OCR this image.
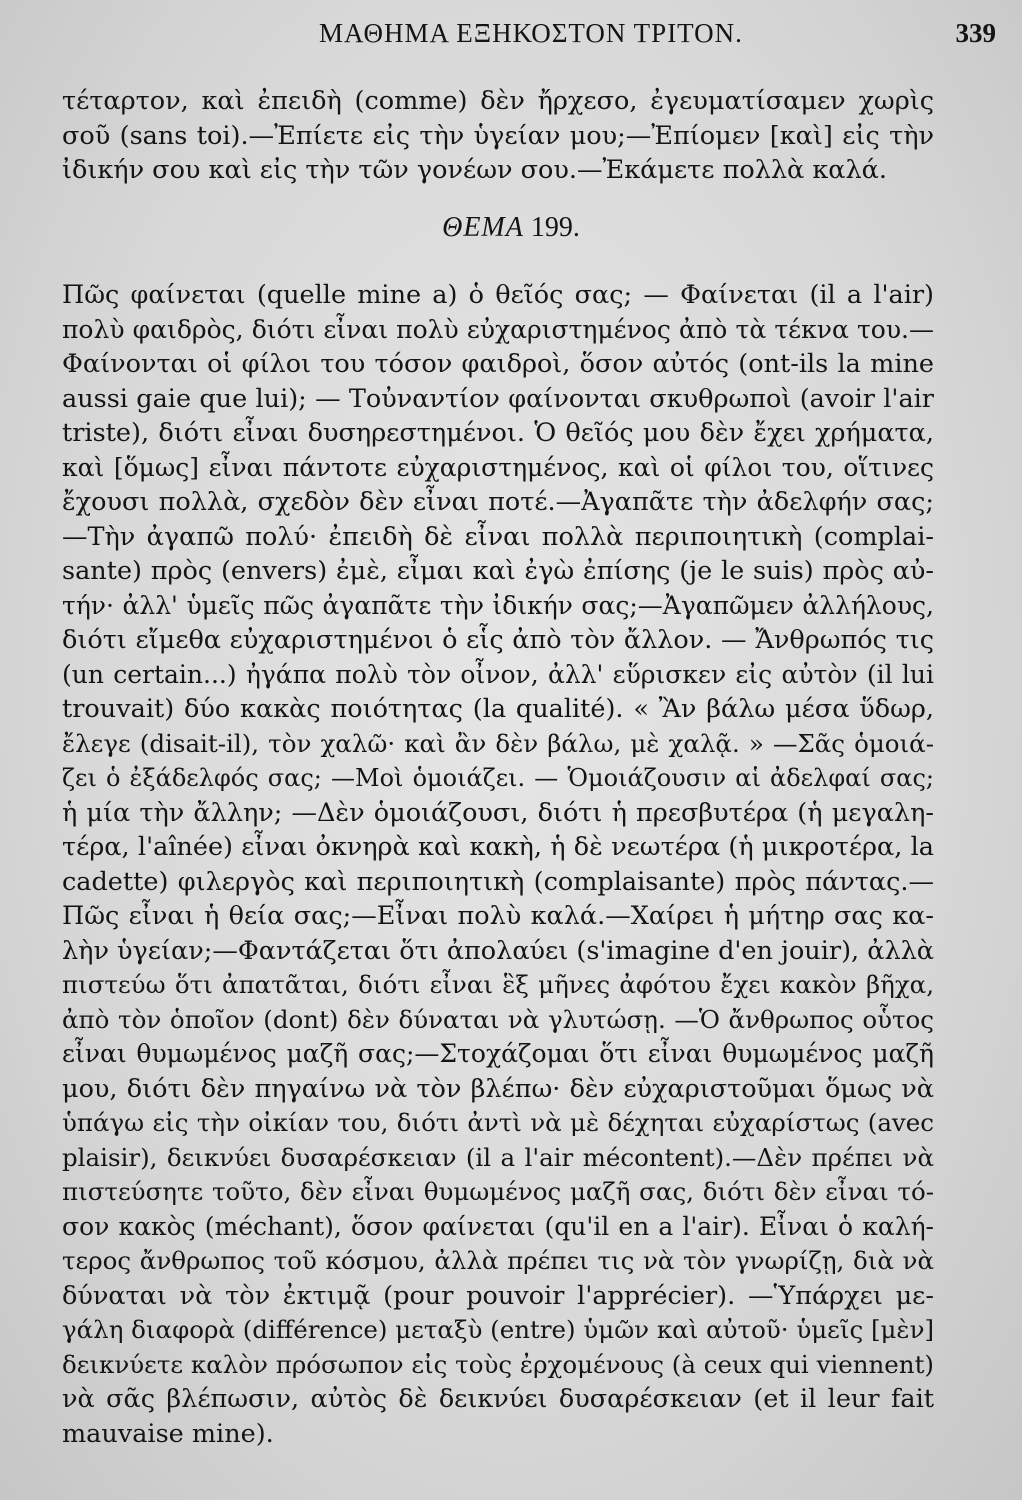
ΜΑΘΗΜΑ ΕΞΗΚΟΣΤΟΝ ΤΡΙΤΟΝ.	339
τέταρτον, καὶ ἐπειδὴ (comme) δὲν ἤρχεσο, ἐγευματίσαμεν χωρὶς
σοῦ (sans toi).—Ἐπίετε εἰς τὴν ὑγείαν μου;—Ἐπίομεν [καὶ] εἰς τὴν
ἰδικήν σου καὶ εἰς τὴν τῶν γονέων σου.—Ἐκάμετε πολλὰ καλά.
ΘΕΜΑ 199.
Πῶς φαίνεται (quelle mine a) ὁ θεῖός σας; — Φαίνεται (il a l'air)
πολὺ φαιδρὸς, διότι εἶναι πολὺ εὐχαριστημένος ἀπὸ τὰ τέκνα του.—
Φαίνονται οἱ φίλοι του τόσον φαιδροὶ, ὅσον αὐτός (ont-ils la mine
aussi gaie que lui); — Τοὐναντίον φαίνονται σκυθρωποὶ (avoir l'air
triste), διότι εἶναι δυσηρεστημένοι. Ὁ θεῖός μου δὲν ἔχει χρήματα,
καὶ [ὅμως] εἶναι πάντοτε εὐχαριστημένος, καὶ οἱ φίλοι του, οἵτινες
ἔχουσι πολλὰ, σχεδὸν δὲν εἶναι ποτέ.—Ἀγαπᾶτε τὴν ἀδελφήν σας;
—Τὴν ἀγαπῶ πολύ· ἐπειδὴ δὲ εἶναι πολλὰ περιποιητικὴ (complai-
sante) πρὸς (envers) ἐμὲ, εἶμαι καὶ ἐγὼ ἐπίσης (je le suis) πρὸς αὐ-
τήν· ἀλλ' ὑμεῖς πῶς ἀγαπᾶτε τὴν ἰδικήν σας;—Ἀγαπῶμεν ἀλλήλους,
διότι εἴμεθα εὐχαριστημένοι ὁ εἷς ἀπὸ τὸν ἄλλον. — Ἄνθρωπός τις
(un certain...) ἠγάπα πολὺ τὸν οἶνον, ἀλλ' εὕρισκεν εἰς αὐτὸν (il lui
trouvait) δύο κακὰς ποιότητας (la qualité). « Ἂν βάλω μέσα ὕδωρ,
ἔλεγε (disait-il), τὸν χαλῶ· καὶ ἂν δὲν βάλω, μὲ χαλᾷ. » —Σᾶς ὁμοιά-
ζει ὁ ἐξάδελφός σας; —Μοὶ ὁμοιάζει. — Ὁμοιάζουσιν αἱ ἀδελφαί σας;
ἡ μία τὴν ἄλλην; —Δὲν ὁμοιάζουσι, διότι ἡ πρεσβυτέρα (ἡ μεγαλη-
τέρα, l'aînée) εἶναι ὀκνηρὰ καὶ κακὴ, ἡ δὲ νεωτέρα (ἡ μικροτέρα, la
cadette) φιλεργὸς καὶ περιποιητικὴ (complaisante) πρὸς πάντας.—
Πῶς εἶναι ἡ θεία σας;—Εἶναι πολὺ καλά.—Χαίρει ἡ μήτηρ σας κα-
λὴν ὑγείαν;—Φαντάζεται ὅτι ἀπολαύει (s'imagine d'en jouir), ἀλλὰ
πιστεύω ὅτι ἀπατᾶται, διότι εἶναι ἓξ μῆνες ἀφότου ἔχει κακὸν βῆχα,
ἀπὸ τὸν ὁποῖον (dont) δὲν δύναται νὰ γλυτώσῃ. —Ὁ ἄνθρωπος οὗτος
εἶναι θυμωμένος μαζῆ σας;—Στοχάζομαι ὅτι εἶναι θυμωμένος μαζῆ
μου, διότι δὲν πηγαίνω νὰ τὸν βλέπω· δὲν εὐχαριστοῦμαι ὅμως νὰ
ὑπάγω εἰς τὴν οἰκίαν του, διότι ἀντὶ νὰ μὲ δέχηται εὐχαρίστως (avec
plaisir), δεικνύει δυσαρέσκειαν (il a l'air mécontent).—Δὲν πρέπει νὰ
πιστεύσητε τοῦτο, δὲν εἶναι θυμωμένος μαζῆ σας, διότι δὲν εἶναι τό-
σον κακὸς (méchant), ὅσον φαίνεται (qu'il en a l'air). Εἶναι ὁ καλή-
τερος ἄνθρωπος τοῦ κόσμου, ἀλλὰ πρέπει τις νὰ τὸν γνωρίζῃ, διὰ νὰ
δύναται νὰ τὸν ἐκτιμᾷ (pour pouvoir l'apprécier). —Ὑπάρχει με-
γάλη διαφορὰ (différence) μεταξὺ (entre) ὑμῶν καὶ αὐτοῦ· ὑμεῖς [μὲν]
δεικνύετε καλὸν πρόσωπον εἰς τοὺς ἐρχομένους (à ceux qui viennent)
νὰ σᾶς βλέπωσιν, αὐτὸς δὲ δεικνύει δυσαρέσκειαν (et il leur fait
mauvaise mine).
